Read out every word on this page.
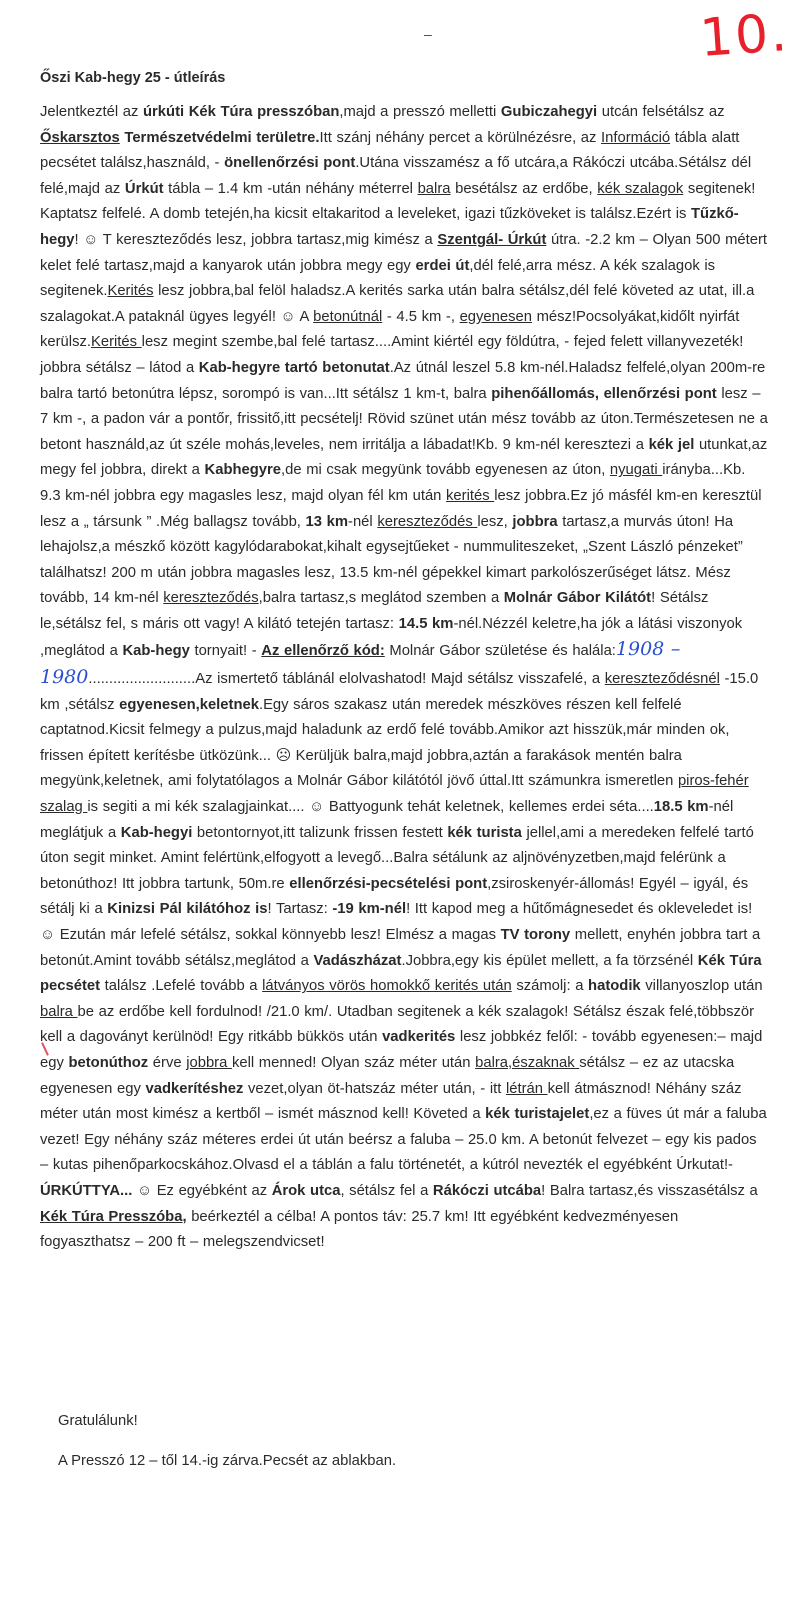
–	10.
Őszi Kab-hegy 25 - útleírás

Jelentkeztél az úrkúti Kék Túra presszóban,majd a presszó melletti Gubiczahegyi utcán felsétálsz az Őskarsztos Természetvédelmi területre.Itt szánj néhány percet a körülnézésre, az Információ tábla alatt pecsétet találsz,használd, - önellenőrzési pont.Utána visszamész a fő utcára,a Rákóczi utcába.Sétálsz dél felé,majd az Úrkút tábla – 1.4 km -után néhány méterrel balra besétálsz az erdőbe, kék szalagok segitenek! Kaptatsz felfelé. A domb tetején,ha kicsit eltakaritod a leveleket, igazi tűzköveket is találsz.Ezért is Tűzkő-hegy! ☺ T kereszteződés lesz, jobbra tartasz,mig kimész a Szentgál- Úrkút útra. -2.2 km – Olyan 500 métert kelet felé tartasz,majd a kanyarok után jobbra megy egy erdei út,dél felé,arra mész. A kék szalagok is segitenek.Kerités lesz jobbra,bal felöl haladsz.A kerités sarka után balra sétálsz,dél felé követed az utat, ill.a szalagokat.A pataknál ügyes legyél! ☺ A betonútnál - 4.5 km -, egyenesen mész!Pocsolyákat,kidőlt nyirfát kerülsz.Kerités lesz megint szembe,bal felé tartasz....Amint kiértél egy földútra, - fejed felett villanyvezeték! jobbra sétálsz – látod a Kab-hegyre tartó betonutat.Az útnál leszel 5.8 km-nél.Haladsz felfelé,olyan 200m-re balra tartó betonútra lépsz, sorompó is van...Itt sétálsz 1 km-t, balra pihenőállomás, ellenőrzési pont lesz – 7 km -, a padon vár a pontőr, frissitő,itt pecsételj! Rövid szünet után mész tovább az úton.Természetesen ne a betont használd,az út széle mohás,leveles, nem irritálja a lábadat!Kb. 9 km-nél keresztezi a kék jel utunkat,az megy fel jobbra, direkt a Kabhegyre,de mi csak megyünk tovább egyenesen az úton, nyugati irányba...Kb. 9.3 km-nél jobbra egy magasles lesz, majd olyan fél km után kerités lesz jobbra.Ez jó másfél km-en keresztül lesz a „ társunk ” .Még ballagsz tovább, 13 km-nél kereszteződés lesz, jobbra tartasz,a murvás úton! Ha lehajolsz,a mészkő között kagylódarabokat,kihalt egysejtűeket - nummuliteszeket, „Szent László pénzeket” találhatsz! 200 m után jobbra magasles lesz, 13.5 km-nél gépekkel kimart parkolószerűséget látsz. Mész tovább, 14 km-nél kereszteződés,balra tartasz,s meglátod szemben a Molnár Gábor Kilátót! Sétálsz le,sétálsz fel, s máris ott vagy! A kilátó tetején tartasz: 14.5 km-nél.Nézzél keletre,ha jók a látási viszonyok ,meglátod a Kab-hegy tornyait! - Az ellenőrző kód: Molnár Gábor születése és halála:1908 – 1980..........................Az ismertető táblánál elolvashatod! Majd sétálsz visszafelé, a kereszteződésnél -15.0 km ,sétálsz egyenesen,keletnek.Egy sáros szakasz után meredek mészköves részen kell felfelé captatnod.Kicsit felmegy a pulzus,majd haladunk az erdő felé tovább.Amikor azt hisszük,már minden ok, frissen épített kerítésbe ütközünk... ☹ Kerüljük balra,majd jobbra,aztán a farakások mentén balra megyünk,keletnek, ami folytatólagos a Molnár Gábor kilátótól jövő úttal.Itt számunkra ismeretlen piros-fehér szalag is segiti a mi kék szalagjainkat.... ☺ Battyogunk tehát keletnek, kellemes erdei séta....18.5 km-nél meglátjuk a Kab-hegyi betontornyot,itt talizunk frissen festett kék turista jellel,ami a meredeken felfelé tartó úton segit minket. Amint felértünk,elfogyott a levegő...Balra sétálunk az aljnövényzetben,majd felérünk a betonúthoz! Itt jobbra tartunk, 50m.re ellenőrzési-pecsételési pont,zsiroskenyér-állomás! Egyél – igyál, és sétálj ki a Kinizsi Pál kilátóhoz is! Tartasz: -19 km-nél! Itt kapod meg a hűtőmágnesedet és okleveledet is! ☺ Ezután már lefelé sétálsz, sokkal könnyebb lesz! Elmész a magas TV torony mellett, enyhén jobbra tart a betonút.Amint tovább sétálsz,meglátod a Vadászházat.Jobbra,egy kis épület mellett, a fa törzsénél Kék Túra pecsétet találsz .Lefelé tovább a látványos vörös homokkő kerités után számolj: a hatodik villanyoszlop után balra be az erdőbe kell fordulnod! /21.0 km/. Utadban segitenek a kék szalagok! Sétálsz észak felé,többször kell a dagoványt kerülnöd! Egy ritkább bükkös után vadkerités lesz jobbkéz felől: - tovább egyenesen:– majd egy betonúthoz érve jobbra kell menned! Olyan száz méter után balra,északnak sétálsz – ez az utacska egyenesen egy vadkerítéshez vezet,olyan öt-hatszáz méter után, - itt létrán kell átmásznod! Néhány száz méter után most kimész a kertből – ismét másznod kell! Követed a kék turistajelet,ez a füves út már a faluba vezet! Egy néhány száz méteres erdei út után beérsz a faluba – 25.0 km. A betonút felvezet – egy kis pados – kutas pihenőparkocskához.Olvasd el a táblán a falu történetét, a kútról nevezték el egyébként Úrkutat!- ÚRKÚTTYA... ☺ Ez egyébként az Árok utca, sétálsz fel a Rákóczi utcába! Balra tartasz,és visszasétálsz a Kék Túra Presszóba, beérkeztél a célba! A pontos táv: 25.7 km! Itt egyébként kedvezményesen fogyaszthatsz – 200 ft – melegszendvicset!

Gratulálunk!
A Presszó 12 – től 14.-ig zárva.Pecsét az ablakban.
